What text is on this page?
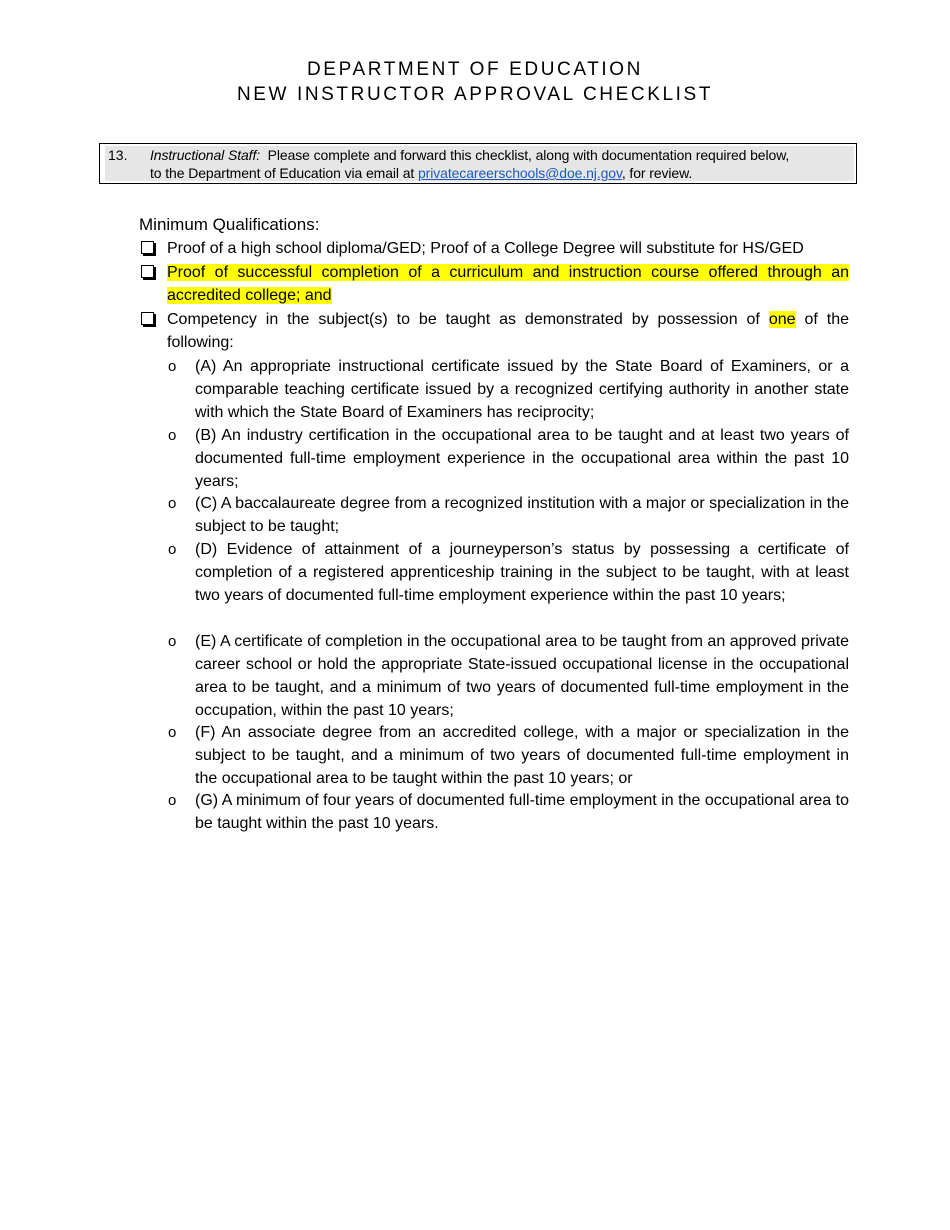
DEPARTMENT OF EDUCATION
NEW INSTRUCTOR APPROVAL CHECKLIST
13. Instructional Staff: Please complete and forward this checklist, along with documentation required below,
to the Department of Education via email at privatecareerschools@doe.nj.gov, for review.
Minimum Qualifications:
Proof of a high school diploma/GED; Proof of a College Degree will substitute for HS/GED
Proof of successful completion of a curriculum and instruction course offered through an accredited college; and
Competency in the subject(s) to be taught as demonstrated by possession of one of the following:
o (A) An appropriate instructional certificate issued by the State Board of Examiners, or a comparable teaching certificate issued by a recognized certifying authority in another state with which the State Board of Examiners has reciprocity;
o (B) An industry certification in the occupational area to be taught and at least two years of documented full-time employment experience in the occupational area within the past 10 years;
o (C) A baccalaureate degree from a recognized institution with a major or specialization in the subject to be taught;
o (D) Evidence of attainment of a journeyperson’s status by possessing a certificate of completion of a registered apprenticeship training in the subject to be taught, with at least two years of documented full-time employment experience within the past 10 years;
o (E) A certificate of completion in the occupational area to be taught from an approved private career school or hold the appropriate State-issued occupational license in the occupational area to be taught, and a minimum of two years of documented full-time employment in the occupation, within the past 10 years;
o (F) An associate degree from an accredited college, with a major or specialization in the subject to be taught, and a minimum of two years of documented full-time employment in the occupational area to be taught within the past 10 years; or
o (G) A minimum of four years of documented full-time employment in the occupational area to be taught within the past 10 years.
